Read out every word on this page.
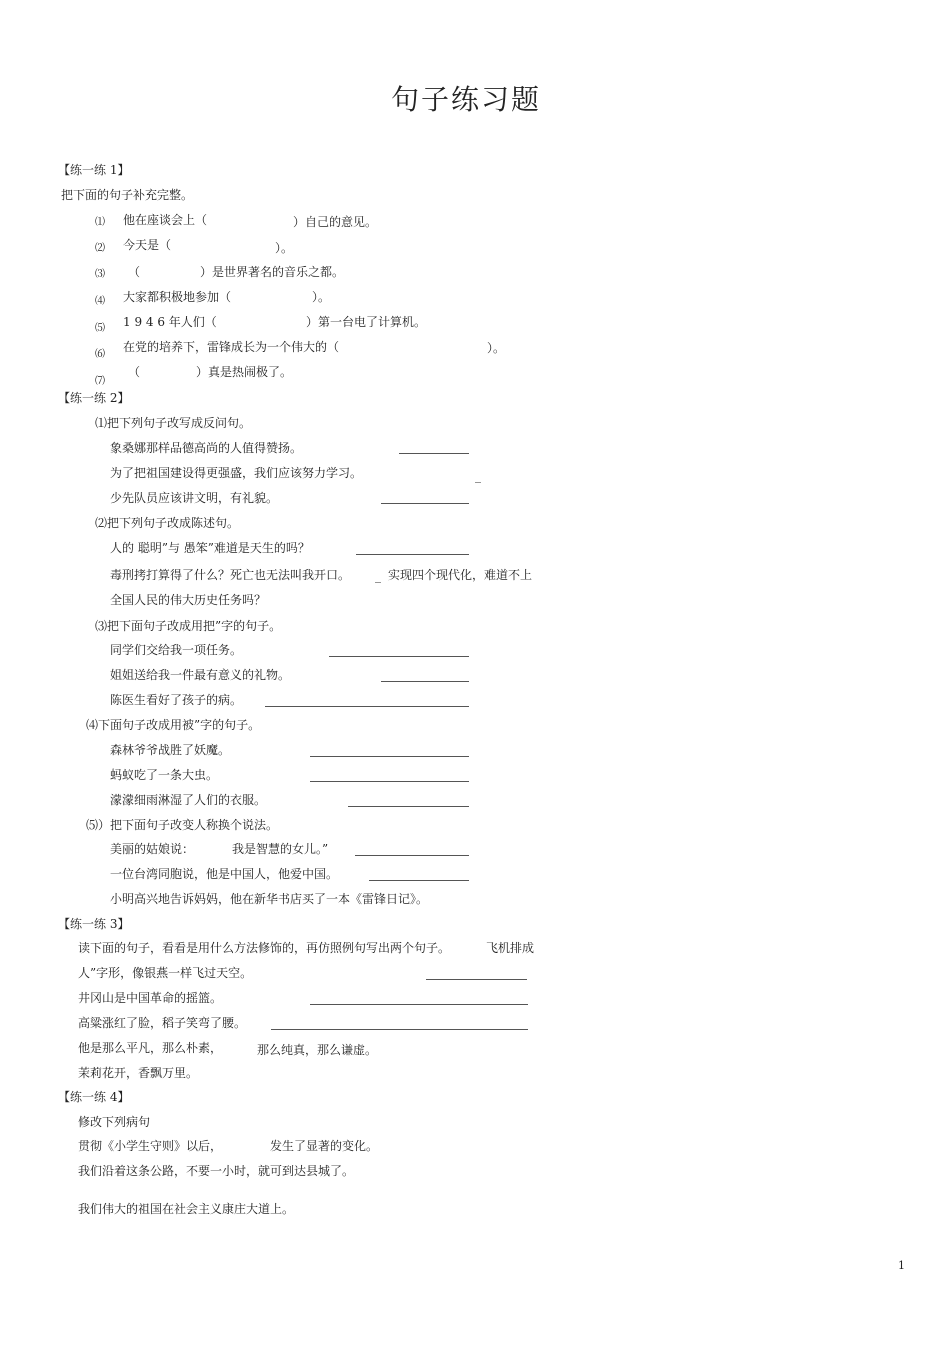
句子练习题
【练一练 1】
把下面的句子补充完整。
⑴ 他在座谈会上（	）自己的意见。
⑵ 今天是（	）。
⑶ （	）是世界著名的音乐之都。
⑷ 大家都积极地参加（	）。
⑸ 1 9 4 6 年人们（	）第一台电了计算机。
⑹
在党的培养下，雷锋成长为一个伟大的（	）。
⑺
（	）真是热闹极了。
【练一练 2】
⑴把下列句子改写成反问句。
象桑娜那样品德高尚的人值得赞扬。
为了把祖国建设得更强盛，我们应该努力学习。	_
少先队员应该讲文明，有礼貌。
⑵把下列句子改成陈述句。
人的 聪明”与 愚笨”难道是天生的吗？
毒刑拷打算得了什么？死亡也无法叫我开口。 _ 实现四个现代化，难道不上
全国人民的伟大历史任务吗？
⑶把下面句子改成用把”字的句子。
同学们交给我一项任务。
姐姐送给我一件最有意义的礼物。
陈医生看好了孩子的病。
⑷下面句子改成用被”字的句子。
森林爷爷战胜了妖魔。
蚂蚁吃了一条大虫。
濛濛细雨淋湿了人们的衣服。
⑸）把下面句子改变人称换个说法。
美丽的姑娘说：	我是智慧的女儿。”
一位台湾同胞说，他是中国人，他爱中国。
小明高兴地告诉妈妈，他在新华书店买了一本《雷锋日记》。
【练一练 3】
读下面的句子，看看是用什么方法修饰的，再仿照例句写出两个句子。	飞机排成
人”字形，像银燕一样飞过天空。
井冈山是中国革命的摇篮。
高粱涨红了脸，稻子笑弯了腰。
他是那么平凡，那么朴素，	那么纯真，那么谦虚。
茉莉花开，香飘万里。
【练一练 4】
修改下列病句
贯彻《小学生守则》以后，	发生了显著的变化。
我们沿着这条公路，不要一小时，就可到达县城了。
我们伟大的祖国在社会主义康庄大道上。
1
